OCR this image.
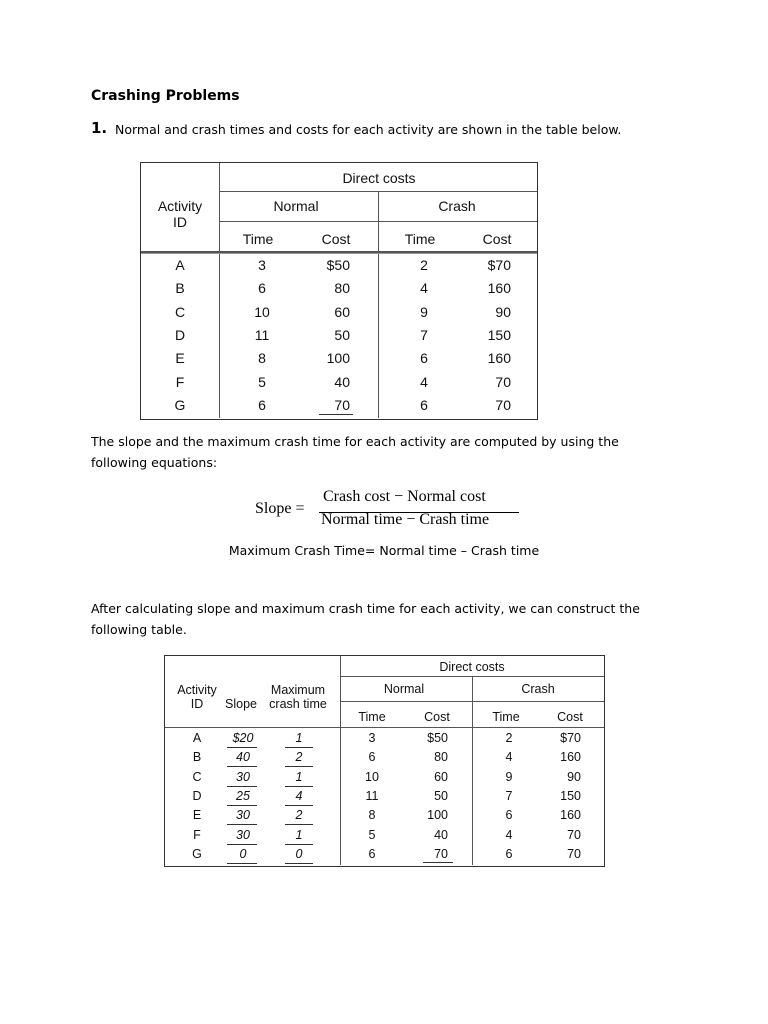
Crashing Problems
1. Normal and crash times and costs for each activity are shown in the table below.
Direct costs
Activity ID
Normal	Crash
Time	Cost	Time	Cost
A	3	$50	2	$70
B	6	80	4	160
C	10	60	9	90
D	11	50	7	150
E	8	100	6	160
F	5	40	4	70
G	6	70	6	70
The slope and the maximum crash time for each activity are computed by using the following equations:
Slope =
Crash cost − Normal cost
Normal time − Crash time
Maximum Crash Time= Normal time – Crash time
After calculating slope and maximum crash time for each activity, we can construct the following table.
Direct costs
Activity ID	Slope
Maximum crash time
Normal	Crash
Time	Cost	Time	Cost
A	$20	1	3	$50	2	$70
B	40	2	6	80	4	160
C	30	1	10	60	9	90
D	25	4	11	50	7	150
E	30	2	8	100	6	160
F	30	1	5	40	4	70
G	0	0	6	70	6	70
